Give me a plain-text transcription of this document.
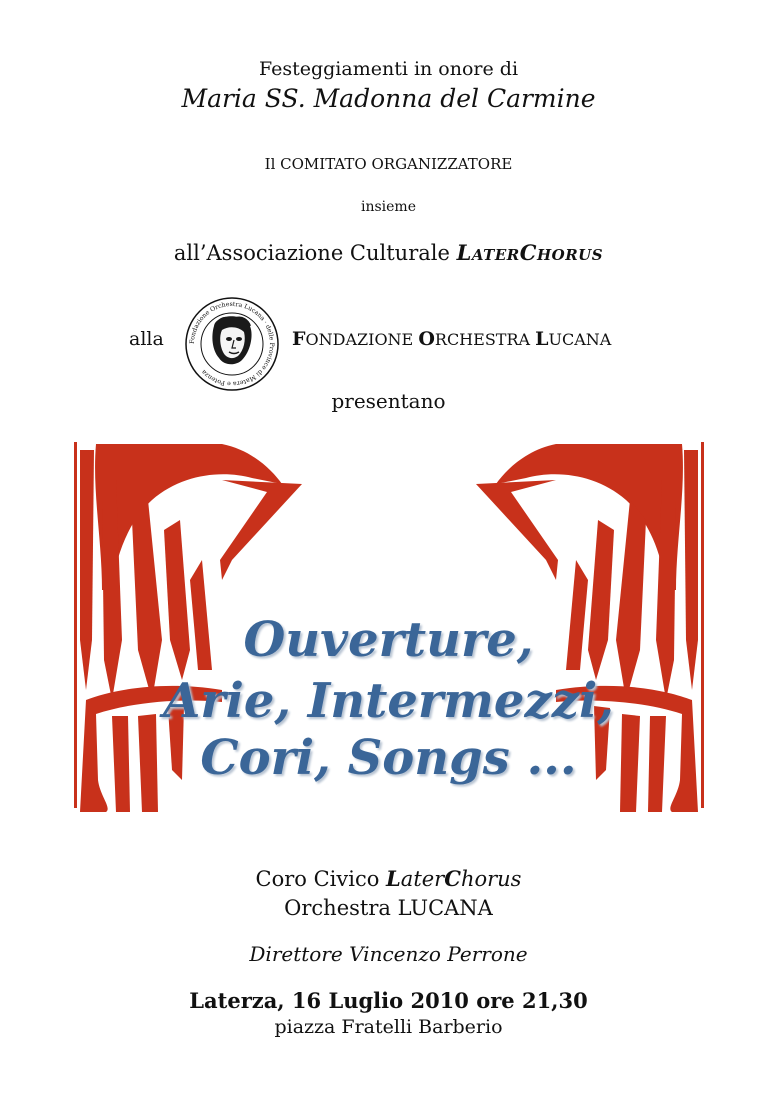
Festeggiamenti in onore di
Maria SS. Madonna del Carmine
Il COMITATO ORGANIZZATORE
insieme
all’Associazione Culturale LATERCHORUS
alla	Fondazione Orchestra Lucana · delle Province di Matera e Potenza
FONDAZIONE ORCHESTRA LUCANA
presentano
Ouverture,
Arie, Intermezzi,
Cori, Songs ...
Coro Civico LaterChorus
Orchestra LUCANA
Direttore Vincenzo Perrone
Laterza, 16 Luglio 2010 ore 21,30
piazza Fratelli Barberio
